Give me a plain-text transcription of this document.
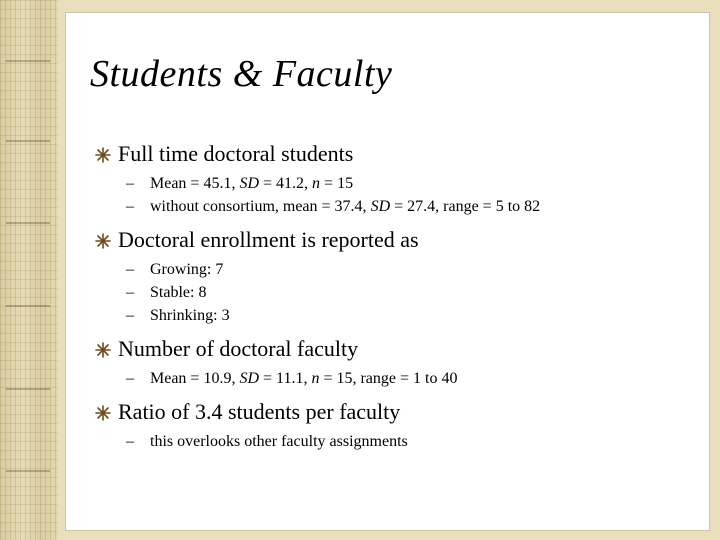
Students & Faculty
Full time doctoral students
– Mean = 45.1, SD = 41.2, n = 15
– without consortium, mean = 37.4, SD = 27.4, range = 5 to 82
Doctoral enrollment is reported as
– Growing: 7
– Stable: 8
– Shrinking: 3
Number of doctoral faculty
– Mean = 10.9, SD = 11.1, n = 15, range = 1 to 40
Ratio of 3.4 students per faculty
– this overlooks other faculty assignments
